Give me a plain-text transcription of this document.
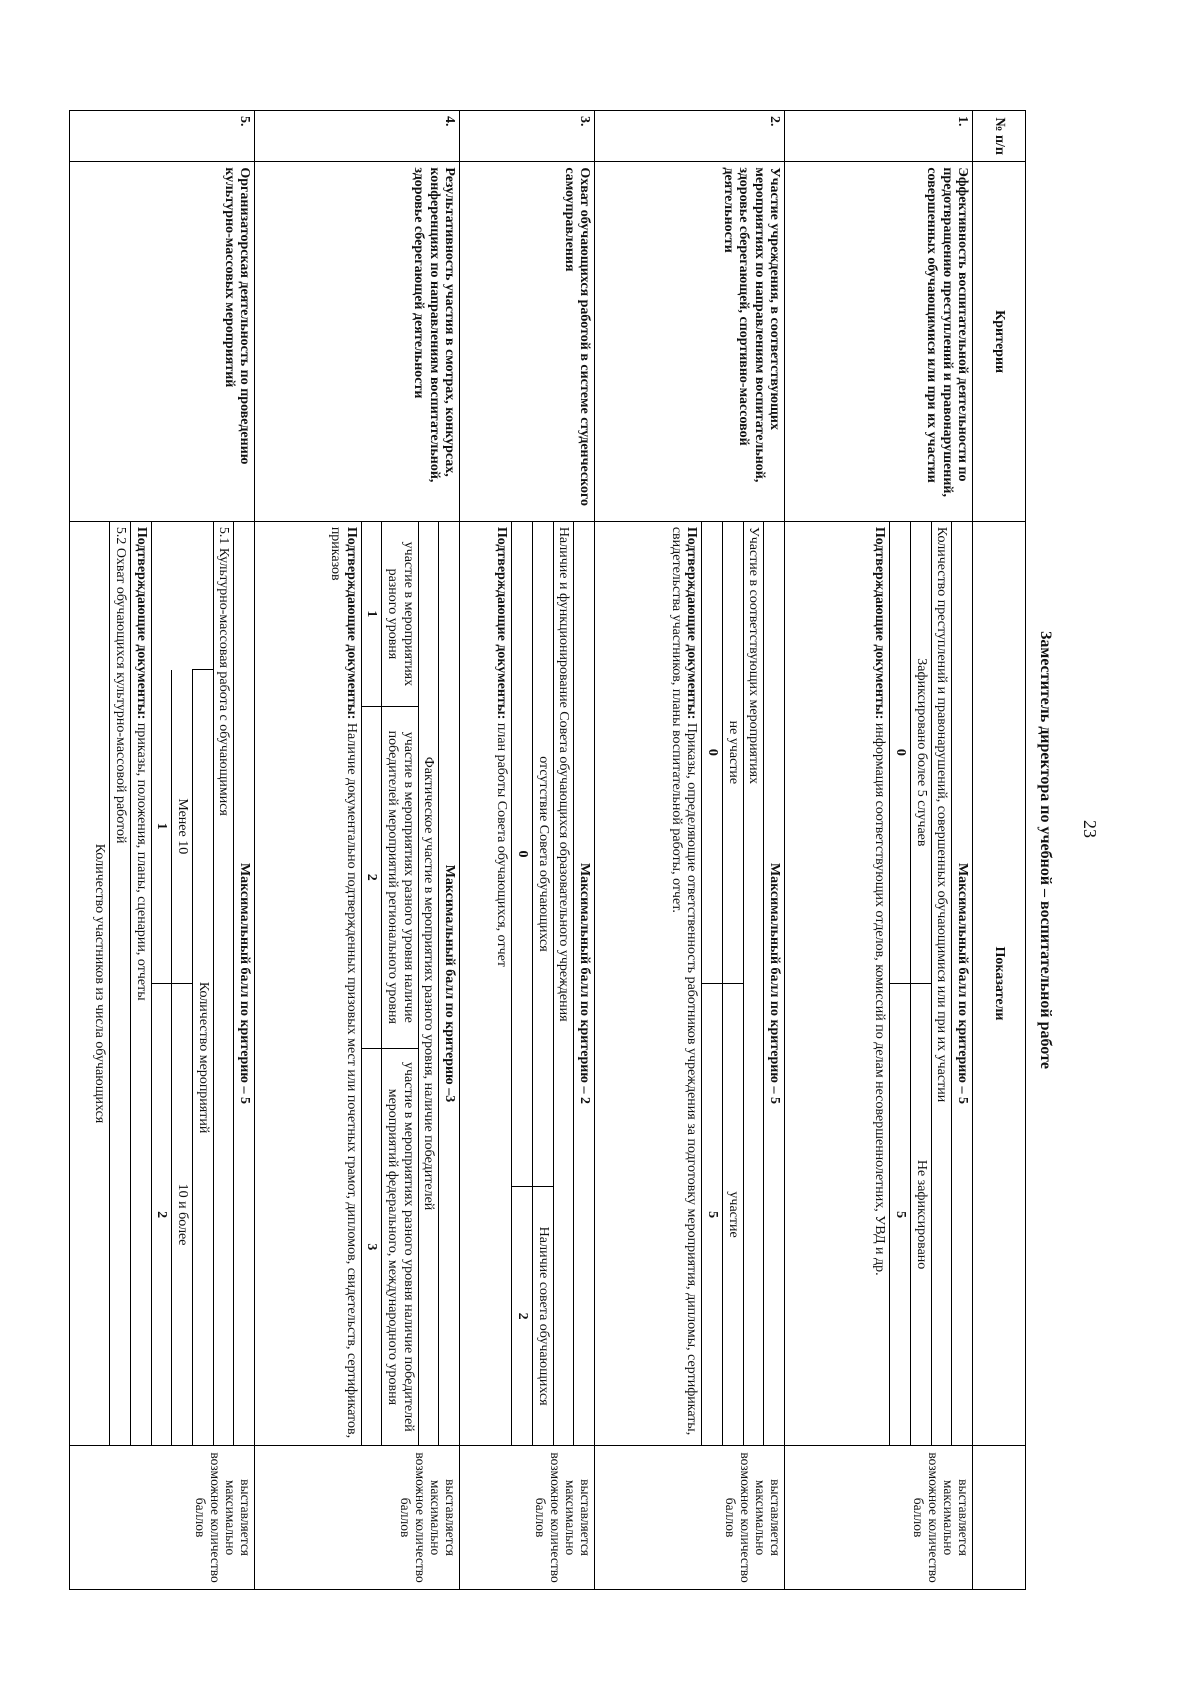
23
Заместитель директора по учебной – воспитательной работе
№ п/п	Критерии	Показатели	
1.	Эффективность воспитательной деятельности по предотвращению преступлений и правонарушений, совершенных обучающимися или при их участии	
Максимальный балл по критерию – 5
Количество преступлений и правонарушений, совершенных обучающимися или при их участии
Зафиксировано более 5 случаев	Не зафиксировано
0	5
Подтверждающие документы: информация соответствующих отделов, комиссий по делам несовершеннолетних, УВД и др.
	выставляется максимально возможное количество баллов
2.	Участие учреждения, в соответствующих мероприятиях по направлениям воспитательной, здоровье сберегающей, спортивно-массовой деятельности	
Максимальный балл по критерию – 5
Участие в соответствующих мероприятиях
не участие	участие
0	5
Подтверждающие документы: Приказы, определяющие ответственность работников учреждения за подготовку мероприятия, дипломы, сертификаты, свидетельства участников, планы воспитательной работы, отчет.
	выставляется максимально возможное количество баллов
3.	Охват обучающихся работой в системе студенческого самоуправления	
Максимальный балл по критерию – 2
Наличие и функционирование Совета обучающихся образовательного учреждения
отсутствие Совета обучающихся	Наличие совета обучающихся
0	2
Подтверждающие документы: план работы Совета обучающихся, отчет
	выставляется максимально возможное количество баллов
4.	Результативность участия в смотрах, конкурсах, конференциях по направлениям воспитательной, здоровье сберегающей деятельности	
Максимальный балл по критерию –3
Фактическое участие в мероприятиях разного уровня, наличие победителей
участие в мероприятиях разного уровня	участие в мероприятиях разного уровня наличие победителей мероприятий регионального уровня	участие в мероприятиях разного уровня наличие победителей мероприятий федерального, международного уровня
1	2	3
Подтверждающие документы: Наличие документально подтвержденных призовых мест или почетных грамот, дипломов, свидетельств, сертификатов, приказов
	выставляется максимально возможное количество баллов
5.	Организаторская деятельность по проведению культурно-массовых мероприятий	
Максимальный балл по критерию – 5
5.1 Культурно-массовая работа с обучающимися
	Количество мероприятий
Менее 10	10 и более
1	2
Подтверждающие документы: приказы, положения, планы, сценарии, отчеты
5.2 Охват обучающихся культурно-массовой работой
Количество участников из числа обучающихся
	выставляется максимально возможное количество баллов
